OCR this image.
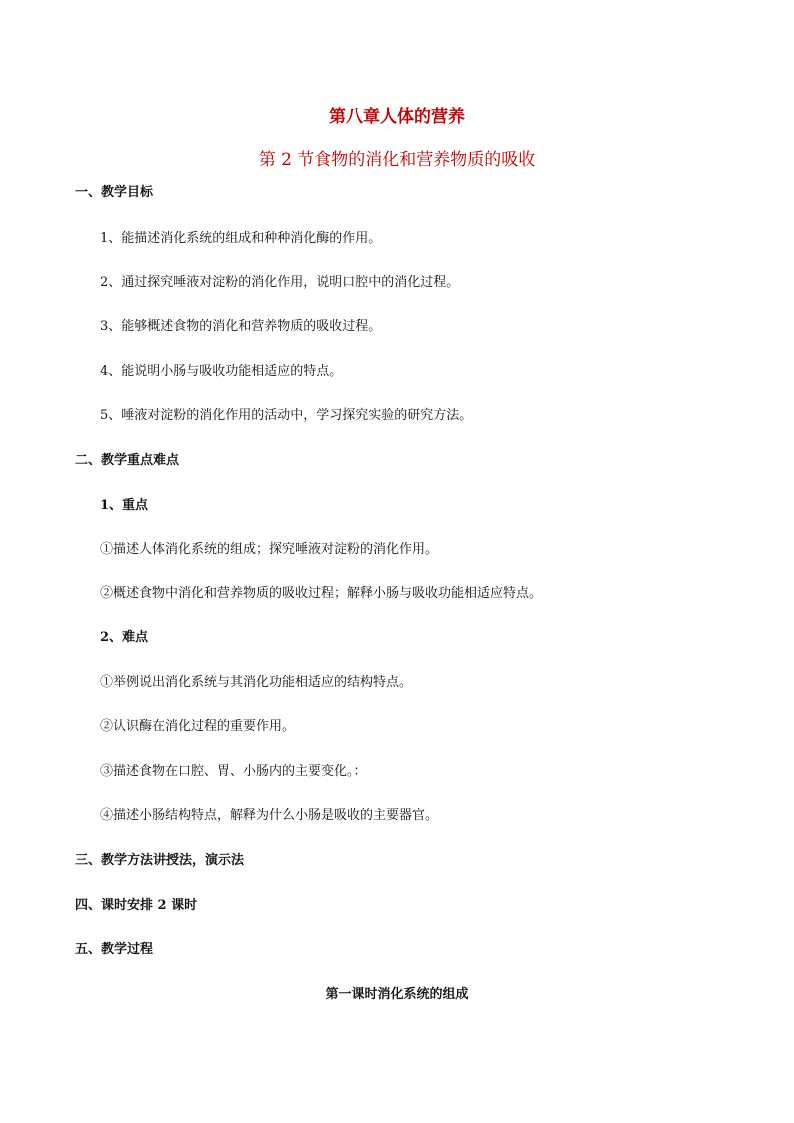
第八章人体的营养
第 2 节食物的消化和营养物质的吸收
一、教学目标
1、能描述消化系统的组成和种种消化酶的作用。
2、通过探究唾液对淀粉的消化作用，说明口腔中的消化过程。
3、能够概述食物的消化和营养物质的吸收过程。
4、能说明小肠与吸收功能相适应的特点。
5、唾液对淀粉的消化作用的活动中，学习探究实验的研究方法。
二、教学重点难点
1、重点
①描述人体消化系统的组成；探究唾液对淀粉的消化作用。
②概述食物中消化和营养物质的吸收过程；解释小肠与吸收功能相适应特点。
2、难点
①举例说出消化系统与其消化功能相适应的结构特点。
②认识酶在消化过程的重要作用。
③描述食物在口腔、胃、小肠内的主要变化。：
④描述小肠结构特点，解释为什么小肠是吸收的主要器官。
三、教学方法讲授法，演示法
四、课时安排 2 课时
五、教学过程
第一课时消化系统的组成
